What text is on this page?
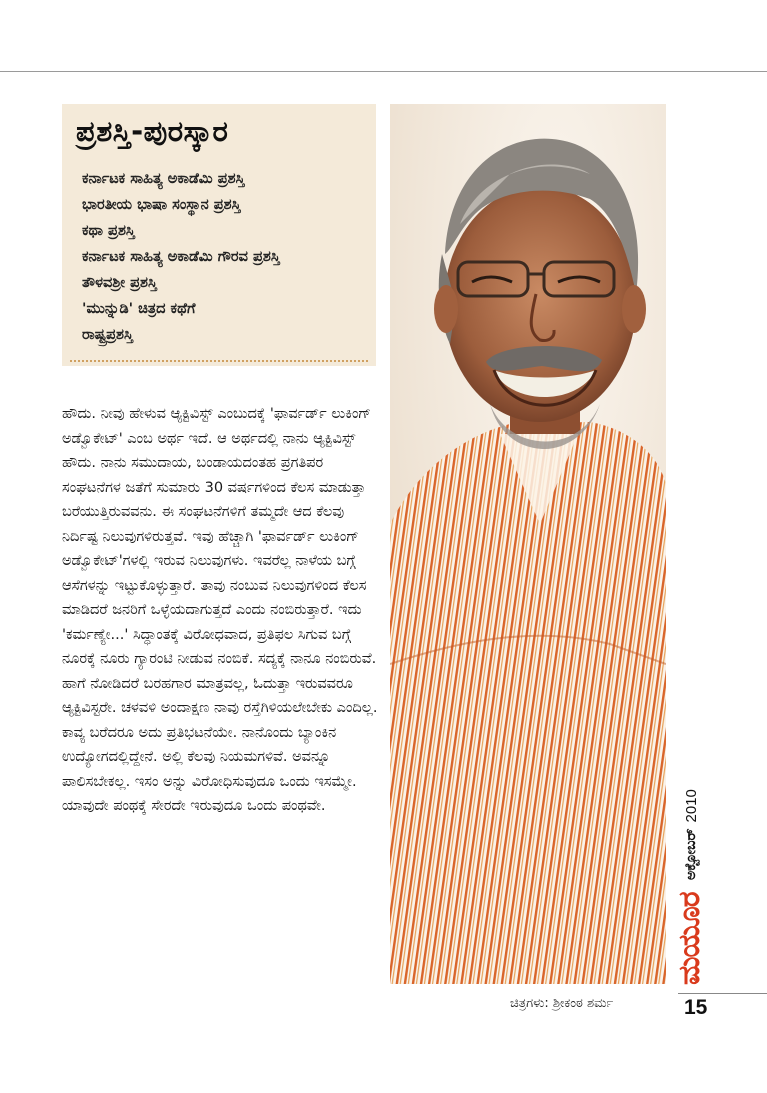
ಪ್ರಶಸ್ತಿ-ಪುರಸ್ಕಾರ
ಕರ್ನಾಟಕ ಸಾಹಿತ್ಯ ಅಕಾಡೆಮಿ ಪ್ರಶಸ್ತಿ
ಭಾರತೀಯ ಭಾಷಾ ಸಂಸ್ಥಾನ ಪ್ರಶಸ್ತಿ
ಕಥಾ ಪ್ರಶಸ್ತಿ
ಕರ್ನಾಟಕ ಸಾಹಿತ್ಯ ಅಕಾಡೆಮಿ ಗೌರವ ಪ್ರಶಸ್ತಿ
ತೌಳವಶ್ರೀ ಪ್ರಶಸ್ತಿ
'ಮುನ್ನುಡಿ' ಚಿತ್ರದ ಕಥೆಗೆ
ರಾಷ್ಟ್ರಪ್ರಶಸ್ತಿ

ಹೌದು. ನೀವು ಹೇಳುವ ಆ್ಯಕ್ಟಿವಿಸ್ಟ್ ಎಂಬುದಕ್ಕೆ 'ಫಾರ್ವರ್ಡ್ ಲುಕಿಂಗ್ ಅಡ್ವೊಕೇಟ್' ಎಂಬ ಅರ್ಥ ಇದೆ. ಆ ಅರ್ಥದಲ್ಲಿ ನಾನು ಆ್ಯಕ್ಟಿವಿಸ್ಟ್ ಹೌದು. ನಾನು ಸಮುದಾಯ, ಬಂಡಾಯದಂತಹ ಪ್ರಗತಿಪರ ಸಂಘಟನೆಗಳ ಜತೆಗೆ ಸುಮಾರು 30 ವರ್ಷಗಳಿಂದ ಕೆಲಸ ಮಾಡುತ್ತಾ ಬರೆಯುತ್ತಿರುವವನು. ಈ ಸಂಘಟನೆಗಳಿಗೆ ತಮ್ಮದೇ ಆದ ಕೆಲವು ನಿರ್ದಿಷ್ಟ ನಿಲುವುಗಳಿರುತ್ತವೆ. ಇವು ಹೆಚ್ಚಾಗಿ 'ಫಾರ್ವರ್ಡ್ ಲುಕಿಂಗ್ ಅಡ್ವೊಕೇಟ್'ಗಳಲ್ಲಿ ಇರುವ ನಿಲುವುಗಳು. ಇವರೆಲ್ಲ ನಾಳೆಯ ಬಗ್ಗೆ ಆಸೆಗಳನ್ನು ಇಟ್ಟುಕೊಳ್ಳುತ್ತಾರೆ. ತಾವು ನಂಬುವ ನಿಲುವುಗಳಿಂದ ಕೆಲಸ ಮಾಡಿದರೆ ಜನರಿಗೆ ಒಳ್ಳೆಯದಾಗುತ್ತದೆ ಎಂದು ನಂಬಿರುತ್ತಾರೆ. ಇದು 'ಕರ್ಮಣ್ಯೇ...' ಸಿದ್ಧಾಂತಕ್ಕೆ ವಿರೋಧವಾದ, ಪ್ರತಿಫಲ ಸಿಗುವ ಬಗ್ಗೆ ನೂರಕ್ಕೆ ನೂರು ಗ್ಯಾರಂಟಿ ನೀಡುವ ನಂಬಿಕೆ. ಸದ್ಯಕ್ಕೆ ನಾನೂ ನಂಬಿರುವೆ. ಹಾಗೆ ನೋಡಿದರೆ ಬರಹಗಾರ ಮಾತ್ರವಲ್ಲ, ಓದುತ್ತಾ ಇರುವವರೂ ಆ್ಯಕ್ಟಿವಿಸ್ಟರೇ. ಚಳವಳಿ ಅಂದಾಕ್ಷಣ ನಾವು ರಸ್ತೆಗಿಳಿಯಲೇಬೇಕು ಎಂದಿಲ್ಲ. ಕಾವ್ಯ ಬರೆದರೂ ಅದು ಪ್ರತಿಭಟನೆಯೇ. ನಾನೊಂದು ಬ್ಯಾಂಕಿನ ಉದ್ಯೋಗದಲ್ಲಿದ್ದೇನೆ. ಅಲ್ಲಿ ಕೆಲವು ನಿಯಮಗಳಿವೆ. ಅವನ್ನೂ ಪಾಲಿಸಬೇಕಲ್ಲ. ಇಸಂ ಅನ್ನು ವಿರೋಧಿಸುವುದೂ ಒಂದು ಇಸಮ್ಮೇ. ಯಾವುದೇ ಪಂಥಕ್ಕೆ ಸೇರದೇ ಇರುವುದೂ ಒಂದು ಪಂಥವೇ.

ಮಯೂರ
ಅಕ್ಟೋಬರ್
2010
ಚಿತ್ರಗಳು: ಶ್ರೀಕಂಠ ಶರ್ಮ	15
